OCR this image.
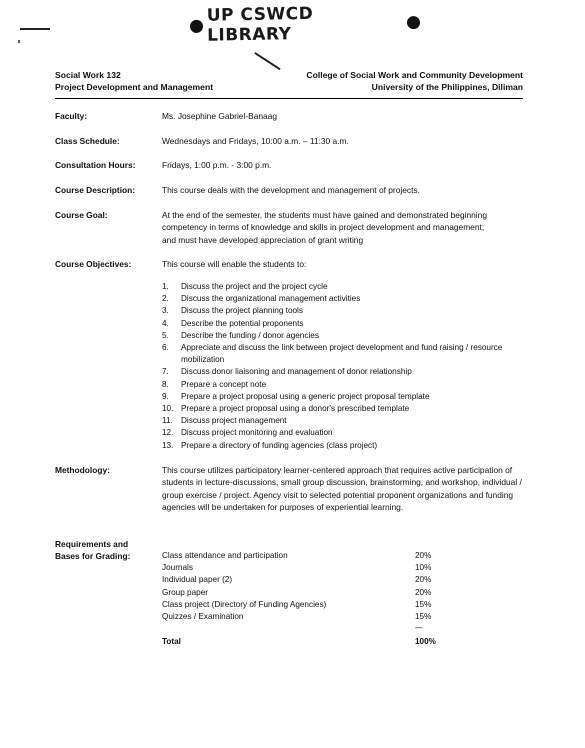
UP CSWCD LIBRARY
Social Work 132
Project Development and Management
College of Social Work and Community Development
University of the Philippines, Diliman
Faculty:	Ms. Josephine Gabriel-Banaag
Class Schedule:	Wednesdays and Fridays, 10:00 a.m. – 11:30 a.m.
Consultation Hours:	Fridays, 1:00 p.m. - 3:00 p.m.
Course Description:	This course deals with the development and management of projects.
Course Goal:	At the end of the semester, the students must have gained and demonstrated beginning competency in terms of knowledge and skills in project development and management; and must have developed appreciation of grant writing
Course Objectives:	This course will enable the students to:
1.	Discuss the project and the project cycle
2.	Discuss the organizational management activities
3.	Discuss the project planning tools
4.	Describe the potential proponents
5.	Describe the funding / donor agencies
6.	Appreciate and discuss the link between project development and fund raising / resource mobilization
7.	Discuss donor liaisoning and management of donor relationship
8.	Prepare a concept note
9.	Prepare a project proposal using a generic project proposal template
10. Prepare a project proposal using a donor's prescribed template
11.	Discuss project management
12. Discuss project monitoring and evaluation
13. Prepare a directory of funding agencies (class project)
Methodology:	This course utilizes participatory learner-centered approach that requires active participation of students in lecture-discussions, small group discussion, brainstorming, and workshop, individual / group exercise / project. Agency visit to selected potential proponent organizations and funding agencies will be undertaken for purposes of experiential learning.
Requirements and
Bases for Grading:	Class attendance and participation	20%
Journals	10%
Individual paper (2)	20%
Group paper	20%
Class project (Directory of Funding Agencies)	15%
Quizzes / Examination	15%
-----
Total	100%
